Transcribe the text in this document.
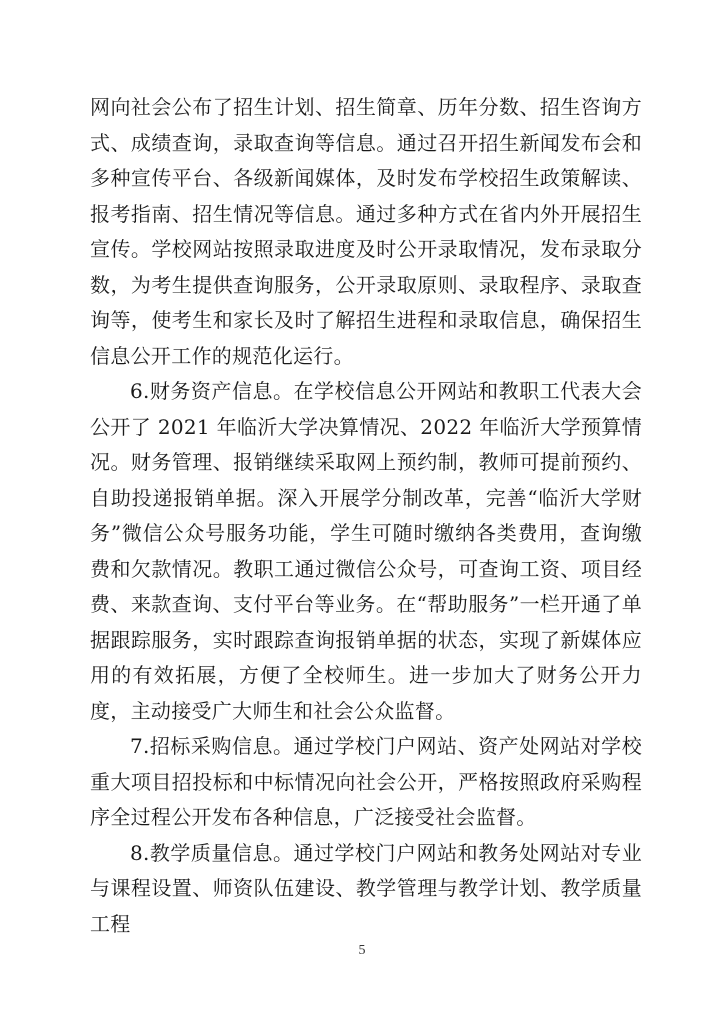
网向社会公布了招生计划、招生简章、历年分数、招生咨询方式、成绩查询，录取查询等信息。通过召开招生新闻发布会和多种宣传平台、各级新闻媒体，及时发布学校招生政策解读、报考指南、招生情况等信息。通过多种方式在省内外开展招生宣传。学校网站按照录取进度及时公开录取情况，发布录取分数，为考生提供查询服务，公开录取原则、录取程序、录取查询等，使考生和家长及时了解招生进程和录取信息，确保招生信息公开工作的规范化运行。

6.财务资产信息。在学校信息公开网站和教职工代表大会公开了 2021 年临沂大学决算情况、2022 年临沂大学预算情况。财务管理、报销继续采取网上预约制，教师可提前预约、自助投递报销单据。深入开展学分制改革，完善“临沂大学财务”微信公众号服务功能，学生可随时缴纳各类费用，查询缴费和欠款情况。教职工通过微信公众号，可查询工资、项目经费、来款查询、支付平台等业务。在“帮助服务”一栏开通了单据跟踪服务，实时跟踪查询报销单据的状态，实现了新媒体应用的有效拓展，方便了全校师生。进一步加大了财务公开力度，主动接受广大师生和社会公众监督。

7.招标采购信息。通过学校门户网站、资产处网站对学校重大项目招投标和中标情况向社会公开，严格按照政府采购程序全过程公开发布各种信息，广泛接受社会监督。

8.教学质量信息。通过学校门户网站和教务处网站对专业与课程设置、师资队伍建设、教学管理与教学计划、教学质量工程

5
